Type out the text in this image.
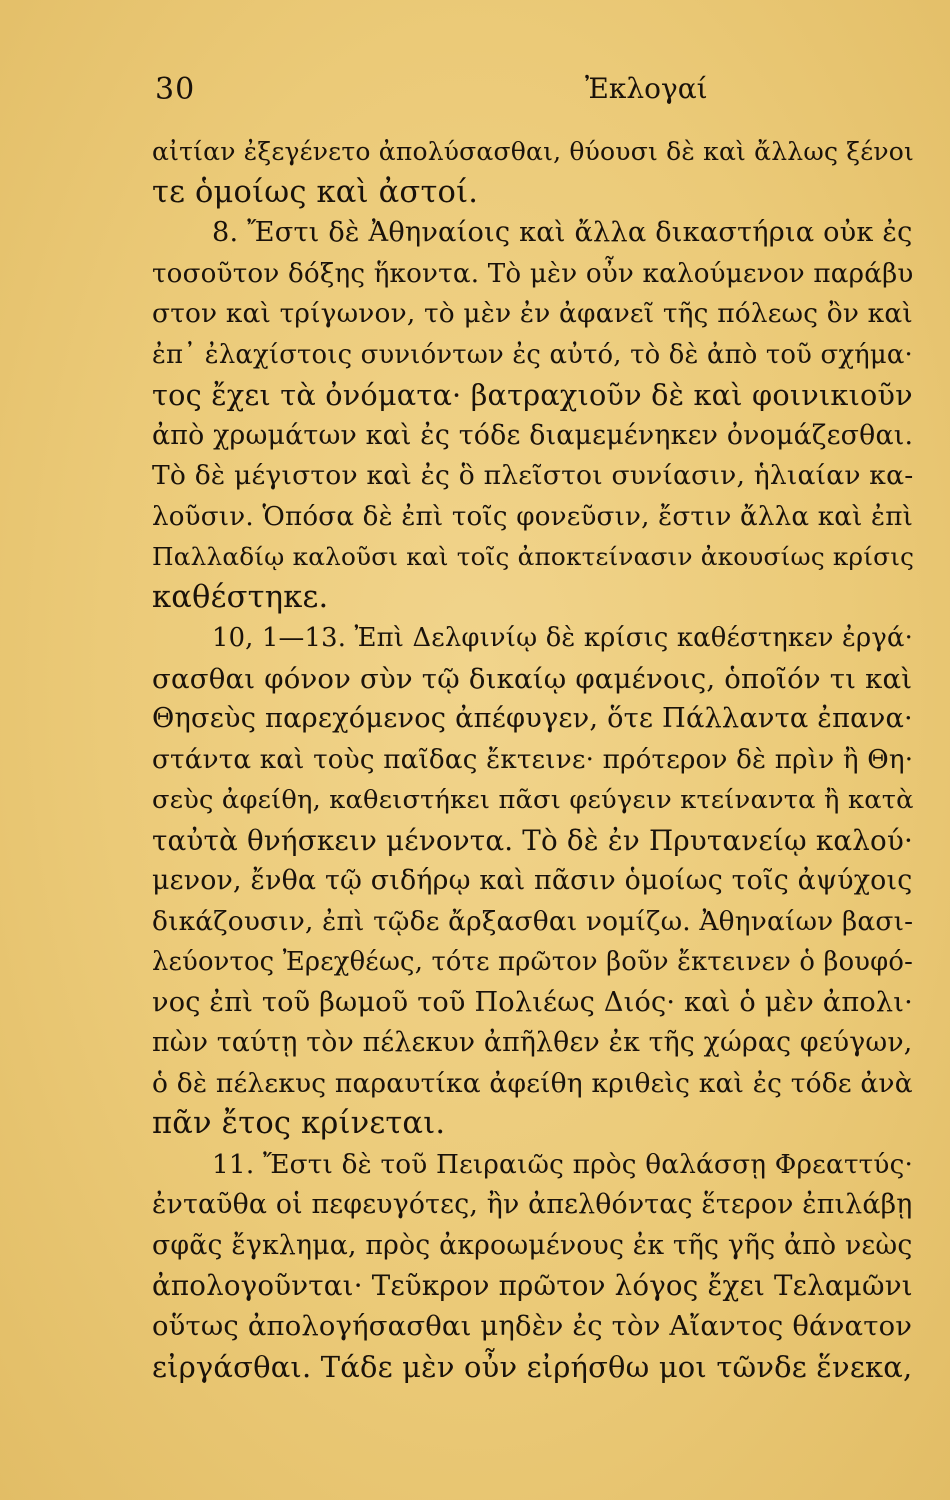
30	Ἐκλογαί
αἰτίαν ἐξεγένετο ἀπολύσασθαι, θύουσι δὲ καὶ ἄλλως ξένοι
τε ὁμοίως καὶ ἀστοί.
8. Ἔστι δὲ Ἀθηναίοις καὶ ἄλλα δικαστήρια οὐκ ἐς
τοσοῦτον δόξης ἥκοντα. Τὸ μὲν οὖν καλούμενον παράβυ
στον καὶ τρίγωνον, τὸ μὲν ἐν ἀφανεῖ τῆς πόλεως ὂν καὶ
ἐπ᾽ ἐλαχίστοις συνιόντων ἐς αὐτό, τὸ δὲ ἀπὸ τοῦ σχήμα·
τος ἔχει τὰ ὀνόματα· βατραχιοῦν δὲ καὶ φοινικιοῦν
ἀπὸ χρωμάτων καὶ ἐς τόδε διαμεμένηκεν ὀνομάζεσθαι.
Τὸ δὲ μέγιστον καὶ ἐς ὃ πλεῖστοι συνίασιν, ἡλιαίαν κα-
λοῦσιν. Ὁπόσα δὲ ἐπὶ τοῖς φονεῦσιν, ἔστιν ἄλλα καὶ ἐπὶ
Παλλαδίῳ καλοῦσι καὶ τοῖς ἀποκτείνασιν ἀκουσίως κρίσις
καθέστηκε.
10, 1—13. Ἐπὶ Δελφινίῳ δὲ κρίσις καθέστηκεν ἐργά·
σασθαι φόνον σὺν τῷ δικαίῳ φαμένοις, ὁποῖόν τι καὶ
Θησεὺς παρεχόμενος ἀπέφυγεν, ὅτε Πάλλαντα ἐπανα·
στάντα καὶ τοὺς παῖδας ἔκτεινε· πρότερον δὲ πρὶν ἢ Θη·
σεὺς ἀφείθη, καθειστήκει πᾶσι φεύγειν κτείναντα ἢ κατὰ
ταὐτὰ θνήσκειν μένοντα. Τὸ δὲ ἐν Πρυτανείῳ καλού·
μενον, ἔνθα τῷ σιδήρῳ καὶ πᾶσιν ὁμοίως τοῖς ἀψύχοις
δικάζουσιν, ἐπὶ τῷδε ἄρξασθαι νομίζω. Ἀθηναίων βασι-
λεύοντος Ἐρεχθέως, τότε πρῶτον βοῦν ἔκτεινεν ὁ βουφό-
νος ἐπὶ τοῦ βωμοῦ τοῦ Πολιέως Διός· καὶ ὁ μὲν ἀπολι·
πὼν ταύτῃ τὸν πέλεκυν ἀπῆλθεν ἐκ τῆς χώρας φεύγων,
ὁ δὲ πέλεκυς παραυτίκα ἀφείθη κριθεὶς καὶ ἐς τόδε ἀνὰ
πᾶν ἔτος κρίνεται.
11. Ἔστι δὲ τοῦ Πειραιῶς πρὸς θαλάσσῃ Φρεαττύς·
ἐνταῦθα οἱ πεφευγότες, ἢν ἀπελθόντας ἕτερον ἐπιλάβῃ
σφᾶς ἔγκλημα, πρὸς ἀκροωμένους ἐκ τῆς γῆς ἀπὸ νεὼς
ἀπολογοῦνται· Τεῦκρον πρῶτον λόγος ἔχει Τελαμῶνι
οὕτως ἀπολογήσασθαι μηδὲν ἐς τὸν Αἴαντος θάνατον
εἰργάσθαι. Τάδε μὲν οὖν εἰρήσθω μοι τῶνδε ἕνεκα,
